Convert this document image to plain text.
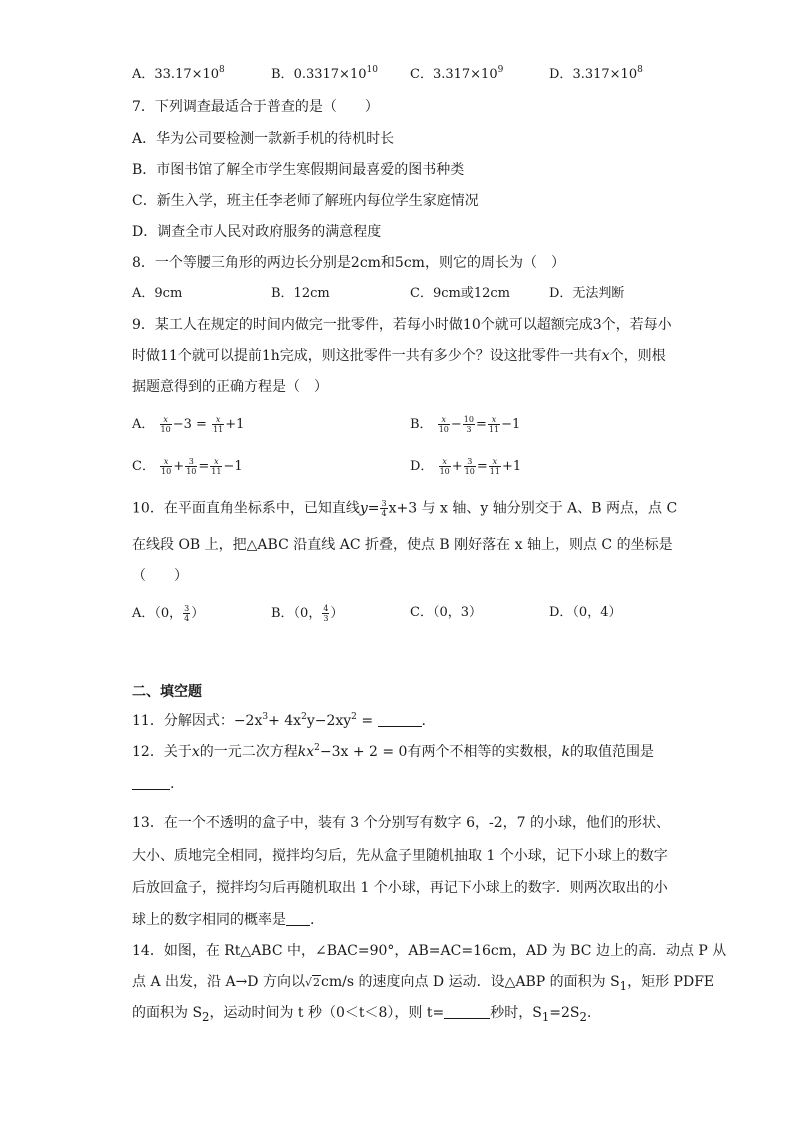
A．$33.17\times 10^8$	B．$0.3317\times 10^{10}$ C．$3.317\times 10^9$	D．$3.317\times 10^8$
7．下列调查最适合于普查的是（　　）
A．华为公司要检测一款新手机的待机时长
B．市图书馆了解全市学生寒假期间最喜爱的图书种类
C．新生入学，班主任李老师了解班内每位学生家庭情况
D．调查全市人民对政府服务的满意程度
8．一个等腰三角形的两边长分别是2cm和5cm，则它的周长为（　）
A．9cm	B．12cm	C．9cm或12cm	D．无法判断
9．某工人在规定的时间内做完一批零件，若每小时做10个就可以超额完成3个，若每小
时做11个就可以提前1h完成，则这批零件一共有多少个？设这批零件一共有x个，则根
据题意得到的正确方程是（　）
A． $\frac{x}{10} -3 = \frac{x}{11} +1$	B． $\frac{x}{10} - \frac{10}{3} = \frac{x}{11} -1$
C． $\frac{x}{10} + \frac{3}{10} = \frac{x}{11} -1$	D． $\frac{x}{10} + \frac{3}{10} = \frac{x}{11} +1$
10．在平面直角坐标系中，已知直线$y= \frac{3}{4} x+3$ 与 x 轴、y 轴分别交于 A、B 两点，点 C
在线段 OB 上，把△ABC 沿直线 AC 折叠，使点 B 刚好落在 x 轴上，则点 C 的坐标是
（　　）
A．（0， $\frac{3}{4}$ ）	B．（0， $\frac{4}{3}$ ）	C．（0，3）	D．（0，4）
二、填空题
11．分解因式：$-2x^3+ 4x^2y-2xy^2$ =	.
12．关于x的一元二次方程$kx^2-3x + 2 = 0$有两个不相等的实数根，k的取值范围是
.
13．在一个不透明的盒子中，装有 3 个分别写有数字 6，-2，7 的小球，他们的形状、
大小、质地完全相同，搅拌均匀后，先从盒子里随机抽取 1 个小球，记下小球上的数字
后放回盒子，搅拌均匀后再随机取出 1 个小球，再记下小球上的数字．则两次取出的小
球上的数字相同的概率是 .
14．如图，在 Rt△ABC 中，∠BAC=90°，AB=AC=16cm，AD 为 BC 边上的高．动点 P 从
点 A 出发，沿 A→D 方向以√2cm/s 的速度向点 D 运动．设△ABP 的面积为 $S_1$，矩形 PDFE
的面积为 $S_2$，运动时间为 t 秒（0＜t＜8），则 t=	秒时，$S_1=2S_2$.
